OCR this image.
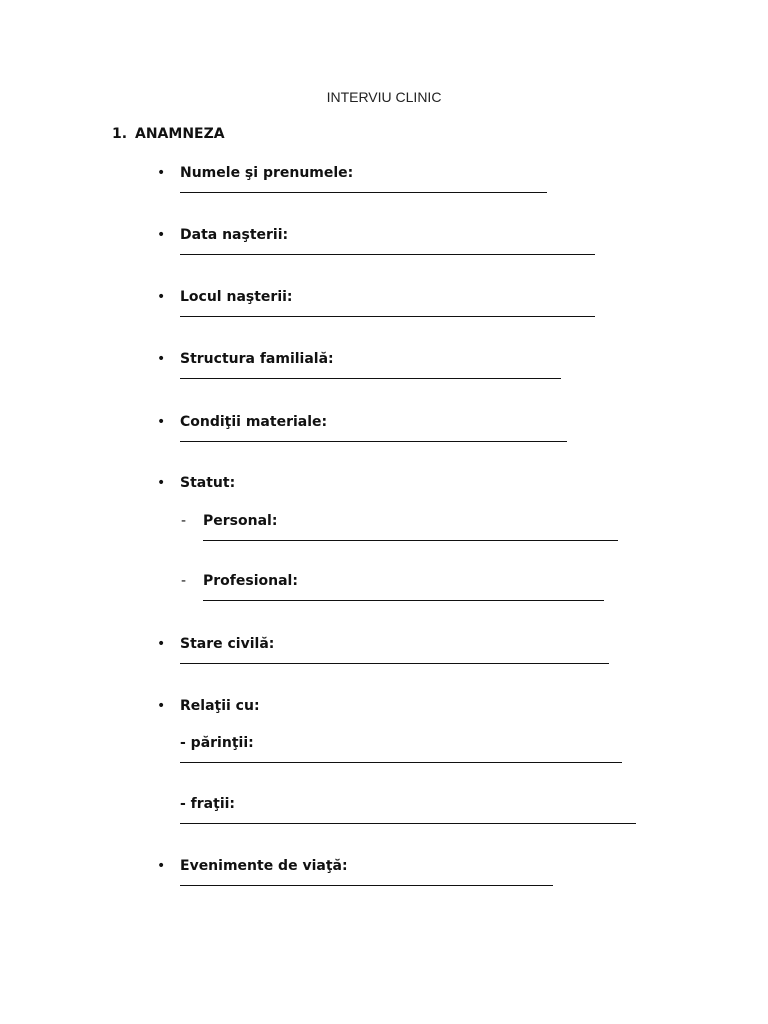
INTERVIU CLINIC
1. ANAMNEZA
• Numele şi prenumele:
• Data naşterii:
• Locul naşterii:
• Structura familială:
• Condiţii materiale:
• Statut:
- Personal:
- Profesional:
• Stare civilă:
• Relaţii cu:
- părinţii:
- fraţii:
• Evenimente de viaţă:
